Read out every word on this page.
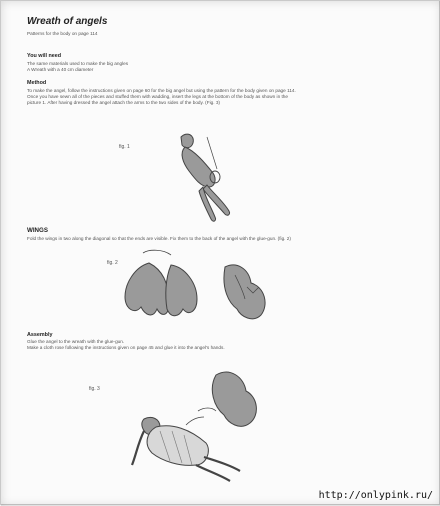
Wreath of angels
Patterns for the body on page 114
You will need
The same materials used to make the big angles
A Wreath with a 40 cm diameter
Method
To make the angel, follow the instructions given on page 60 for the big angel but using the pattern for the body given on page 114.
Once you have sewn all of the pieces and stuffed them with wadding, insert the legs at the bottom of the body as shown in the
picture 1. After having dressed the angel attach the arms to the two sides of the body. (Fig. 3)
fig. 1
WINGS
Fold the wings in two along the diagonal so that the ends are visible. Fix them to the back of the angel with the glue-gun. (fig. 2)
fig. 2
Assembly
Glue the angel to the wreath with the glue-gun.
Make a cloth rose following the instructions given on page 45 and glue it into the angel's hands.
fig. 3
http://onlypink.ru/
